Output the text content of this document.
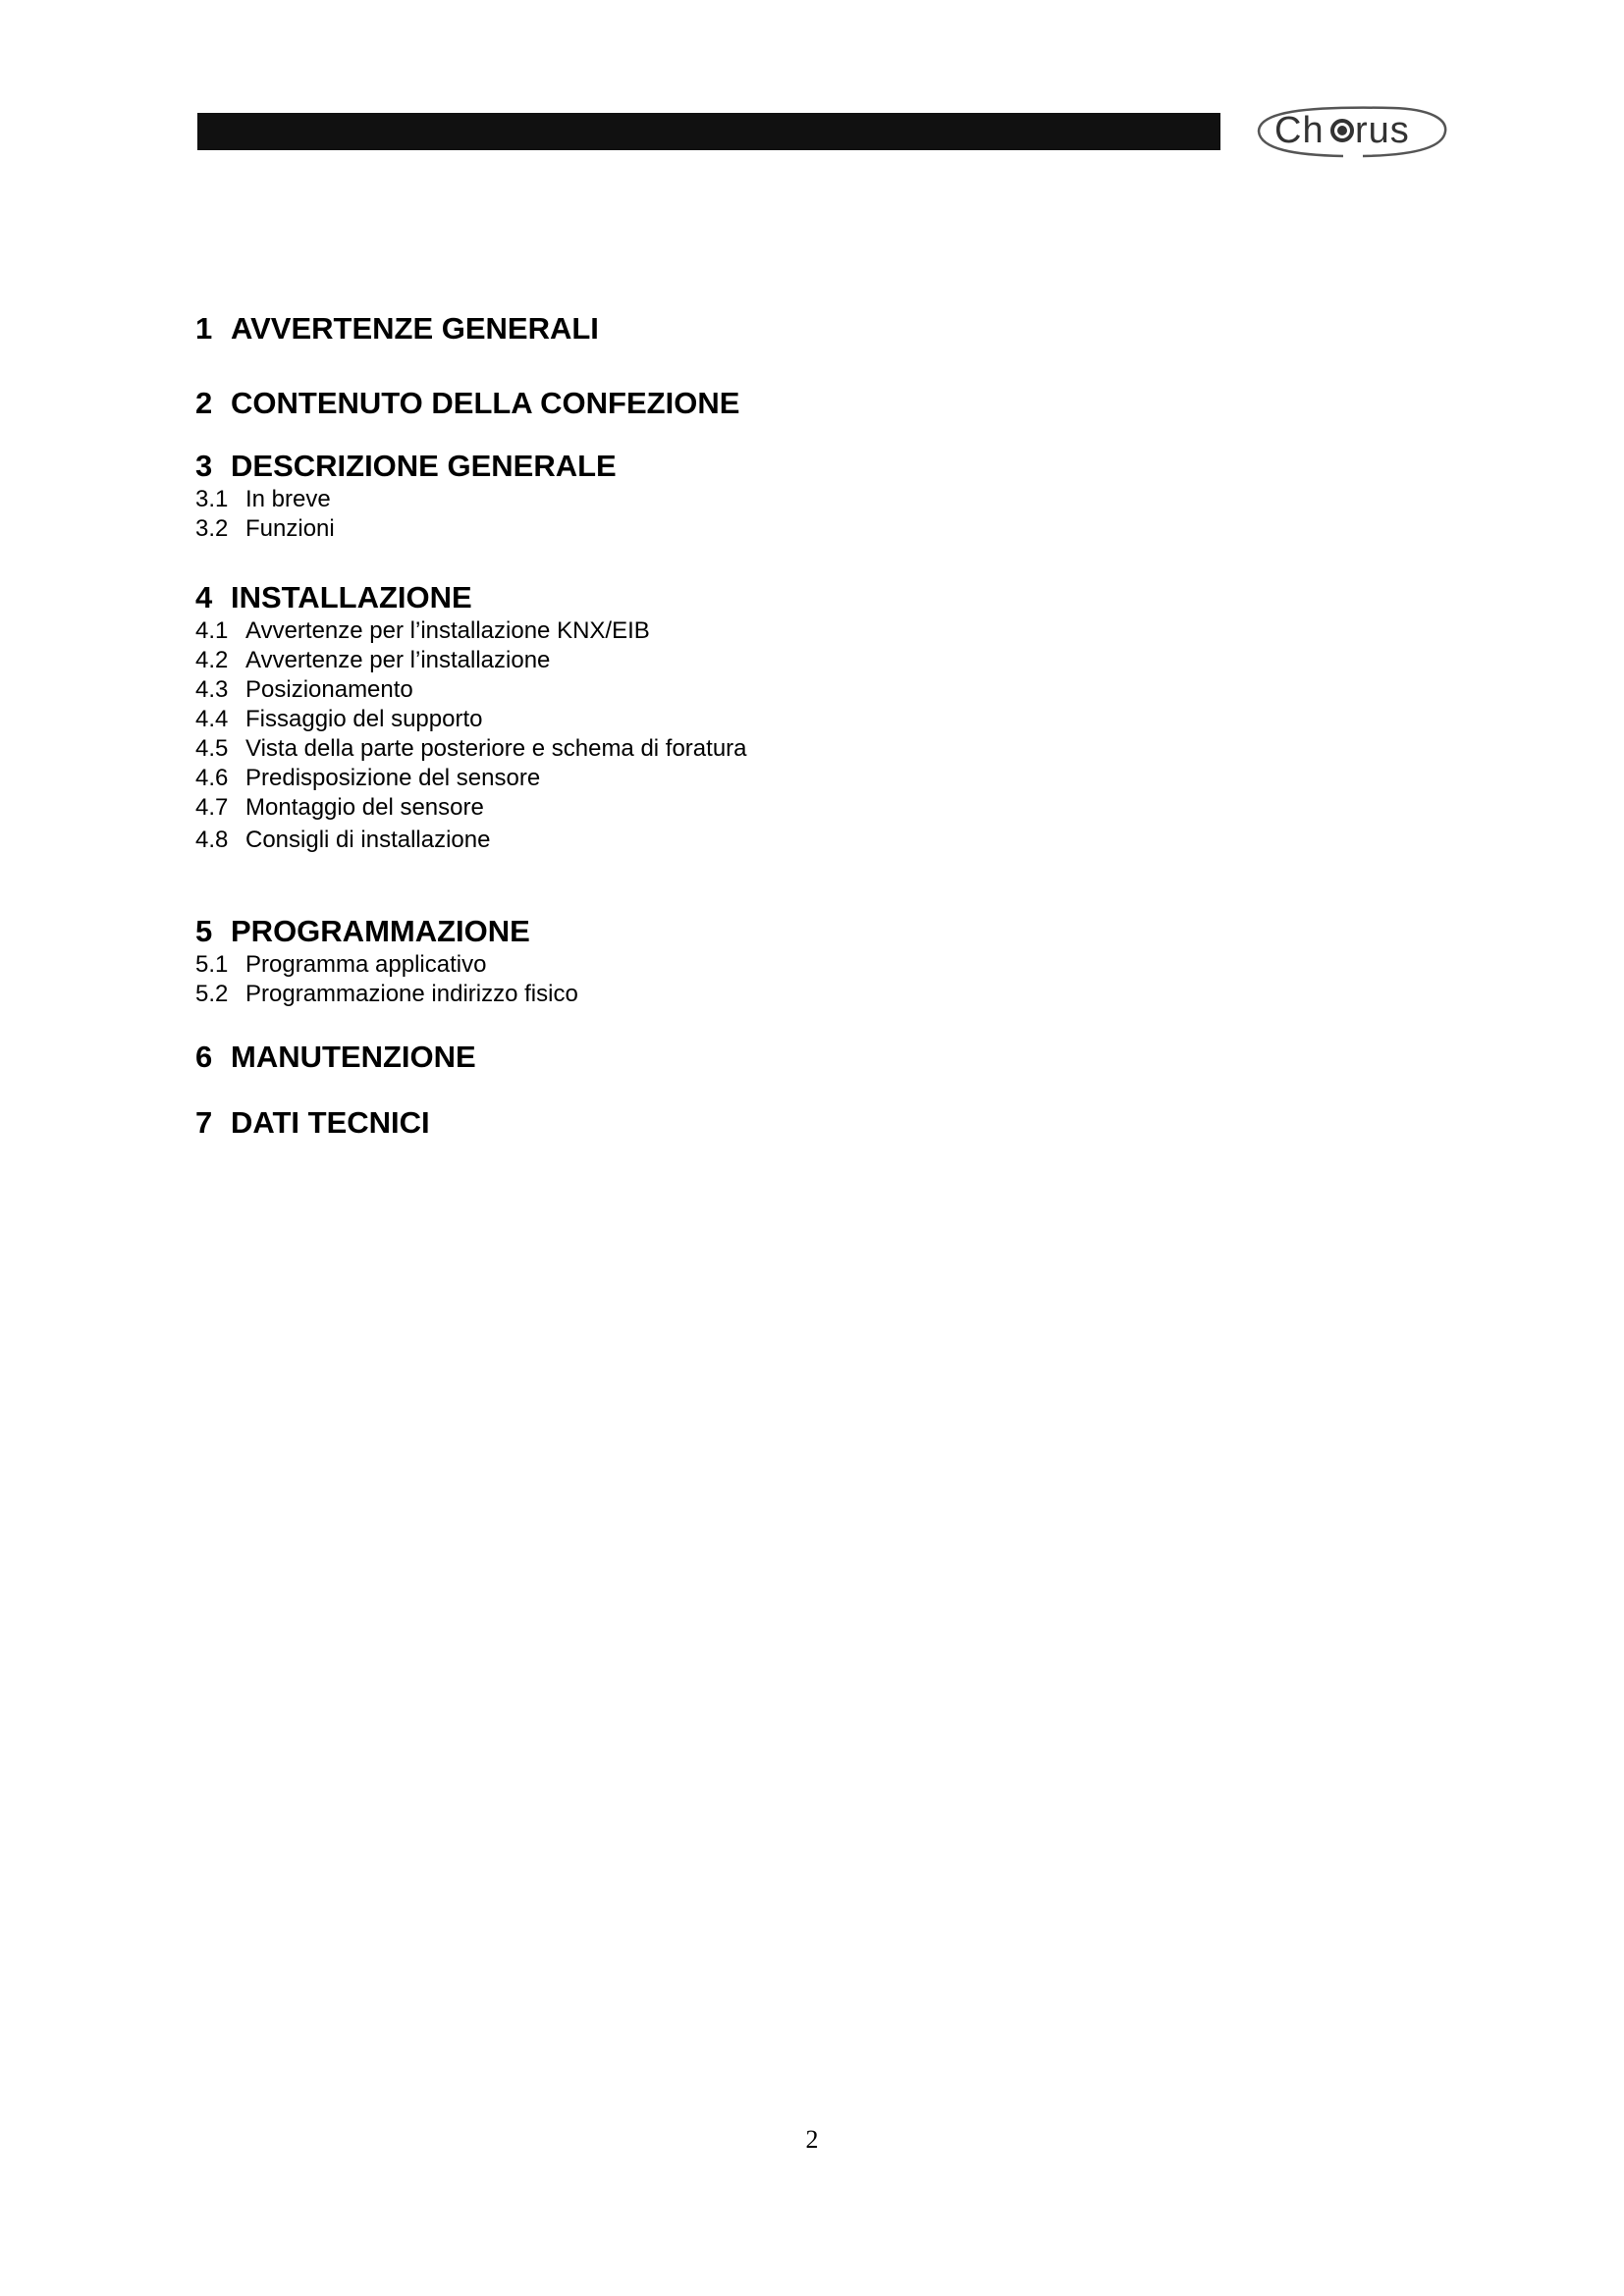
Ch rus
1 AVVERTENZE GENERALI
2 CONTENUTO DELLA CONFEZIONE
3 DESCRIZIONE GENERALE
3.1 In breve
3.2 Funzioni
4 INSTALLAZIONE
4.1 Avvertenze per l’installazione KNX/EIB
4.2 Avvertenze per l’installazione
4.3 Posizionamento
4.4 Fissaggio del supporto
4.5 Vista della parte posteriore e schema di foratura
4.6 Predisposizione del sensore
4.7 Montaggio del sensore
4.8 Consigli di installazione
5 PROGRAMMAZIONE
5.1 Programma applicativo
5.2 Programmazione indirizzo fisico
6 MANUTENZIONE
7 DATI TECNICI
2
